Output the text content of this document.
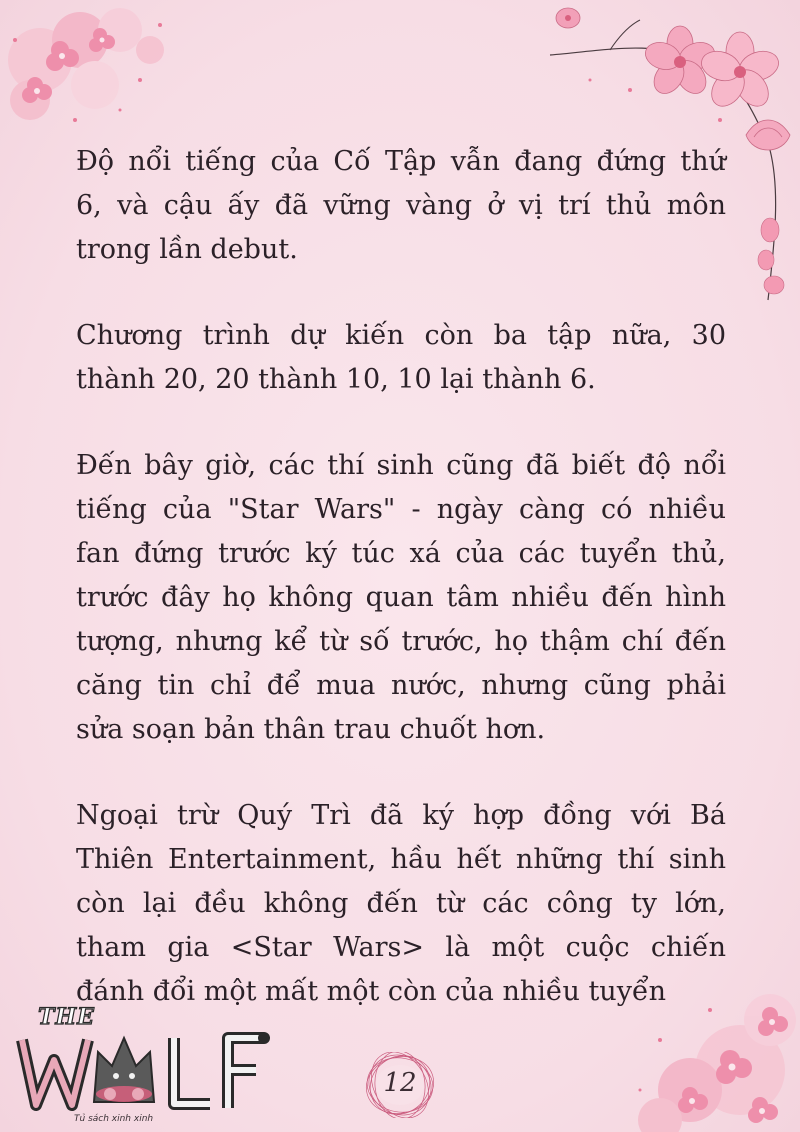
Độ nổi tiếng của Cố Tập vẫn đang đứng thứ
6, và cậu ấy đã vững vàng ở vị trí thủ môn
trong lần debut.

Chương trình dự kiến còn ba tập nữa, 30
thành 20, 20 thành 10, 10 lại thành 6.

Đến bây giờ, các thí sinh cũng đã biết độ nổi
tiếng của "Star Wars" - ngày càng có nhiều
fan đứng trước ký túc xá của các tuyển thủ,
trước đây họ không quan tâm nhiều đến hình
tượng, nhưng kể từ số trước, họ thậm chí đến
căng tin chỉ để mua nước, nhưng cũng phải
sửa soạn bản thân trau chuốt hơn.

Ngoại trừ Quý Trì đã ký hợp đồng với Bá
Thiên Entertainment, hầu hết những thí sinh
còn lại đều không đến từ các công ty lớn,
tham gia <Star Wars> là một cuộc chiến
đánh đổi một mất một còn của nhiều tuyển

THE
Tủ sách xinh xinh
12
